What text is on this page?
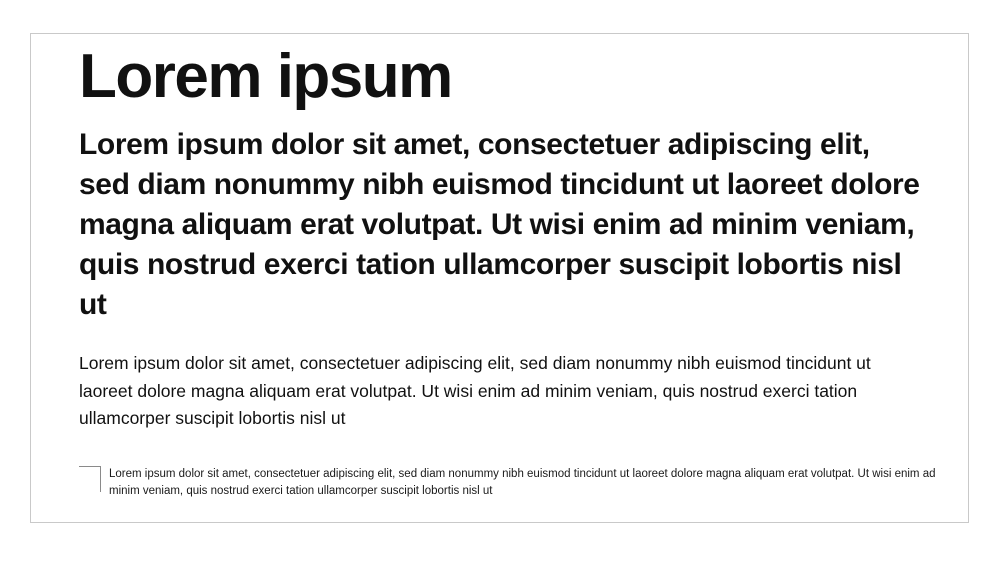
Lorem ipsum
Lorem ipsum dolor sit amet, consectetuer adipiscing elit, sed diam nonummy nibh euismod tincidunt ut laoreet dolore magna aliquam erat volutpat. Ut wisi enim ad minim veniam, quis nostrud exerci tation ullamcorper suscipit lobortis nisl ut

Lorem ipsum dolor sit amet, consectetuer adipiscing elit, sed diam nonummy nibh euismod tincidunt ut laoreet dolore magna aliquam erat volutpat. Ut wisi enim ad minim veniam, quis nostrud exerci tation ullamcorper suscipit lobortis nisl ut

Lorem ipsum dolor sit amet, consectetuer adipiscing elit, sed diam nonummy nibh euismod tincidunt ut laoreet dolore magna aliquam erat volutpat. Ut wisi enim ad minim veniam, quis nostrud exerci tation ullamcorper suscipit lobortis nisl ut
